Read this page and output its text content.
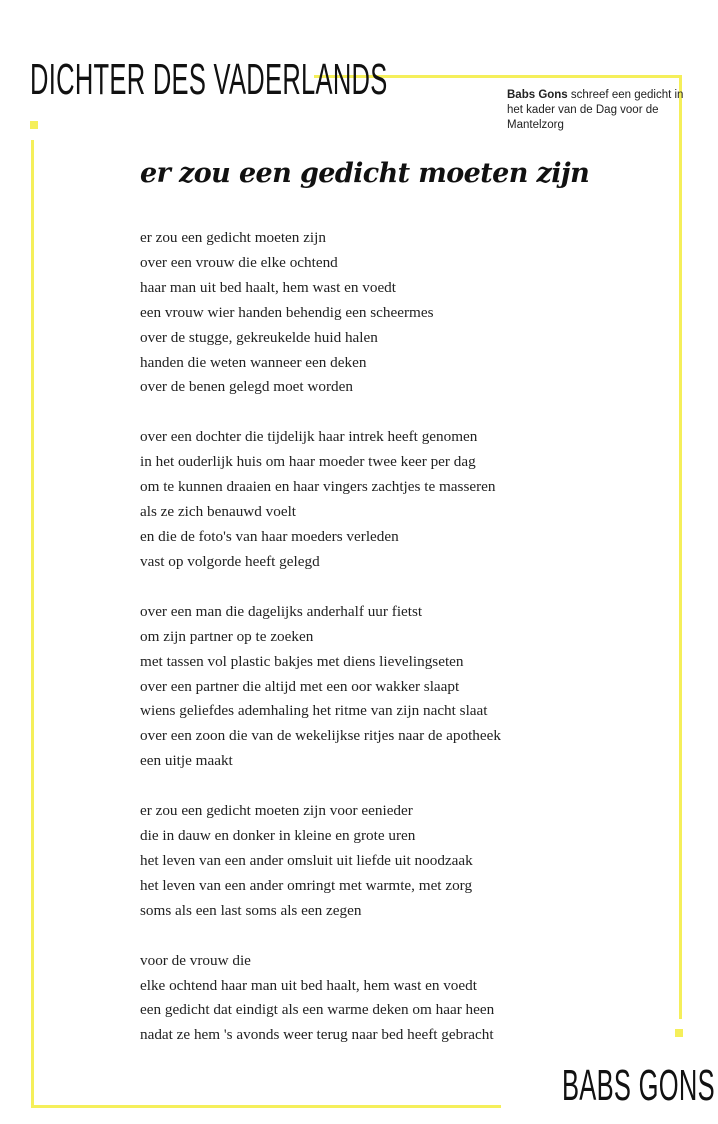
DICHTER DES VADERLANDS	Babs Gons schreef een gedicht in het kader van de Dag voor de Mantelzorg
er zou een gedicht moeten zijn
er zou een gedicht moeten zijn
over een vrouw die elke ochtend
haar man uit bed haalt, hem wast en voedt
een vrouw wier handen behendig een scheermes
over de stugge, gekreukelde huid halen
handen die weten wanneer een deken
over de benen gelegd moet worden
over een dochter die tijdelijk haar intrek heeft genomen
in het ouderlijk huis om haar moeder twee keer per dag
om te kunnen draaien en haar vingers zachtjes te masseren
als ze zich benauwd voelt
en die de foto's van haar moeders verleden
vast op volgorde heeft gelegd
over een man die dagelijks anderhalf uur fietst
om zijn partner op te zoeken
met tassen vol plastic bakjes met diens lievelingseten
over een partner die altijd met een oor wakker slaapt
wiens geliefdes ademhaling het ritme van zijn nacht slaat
over een zoon die van de wekelijkse ritjes naar de apotheek
een uitje maakt
er zou een gedicht moeten zijn voor eenieder
die in dauw en donker in kleine en grote uren
het leven van een ander omsluit uit liefde uit noodzaak
het leven van een ander omringt met warmte, met zorg
soms als een last soms als een zegen
voor de vrouw die
elke ochtend haar man uit bed haalt, hem wast en voedt
een gedicht dat eindigt als een warme deken om haar heen
nadat ze hem 's avonds weer terug naar bed heeft gebracht
BABS GONS
